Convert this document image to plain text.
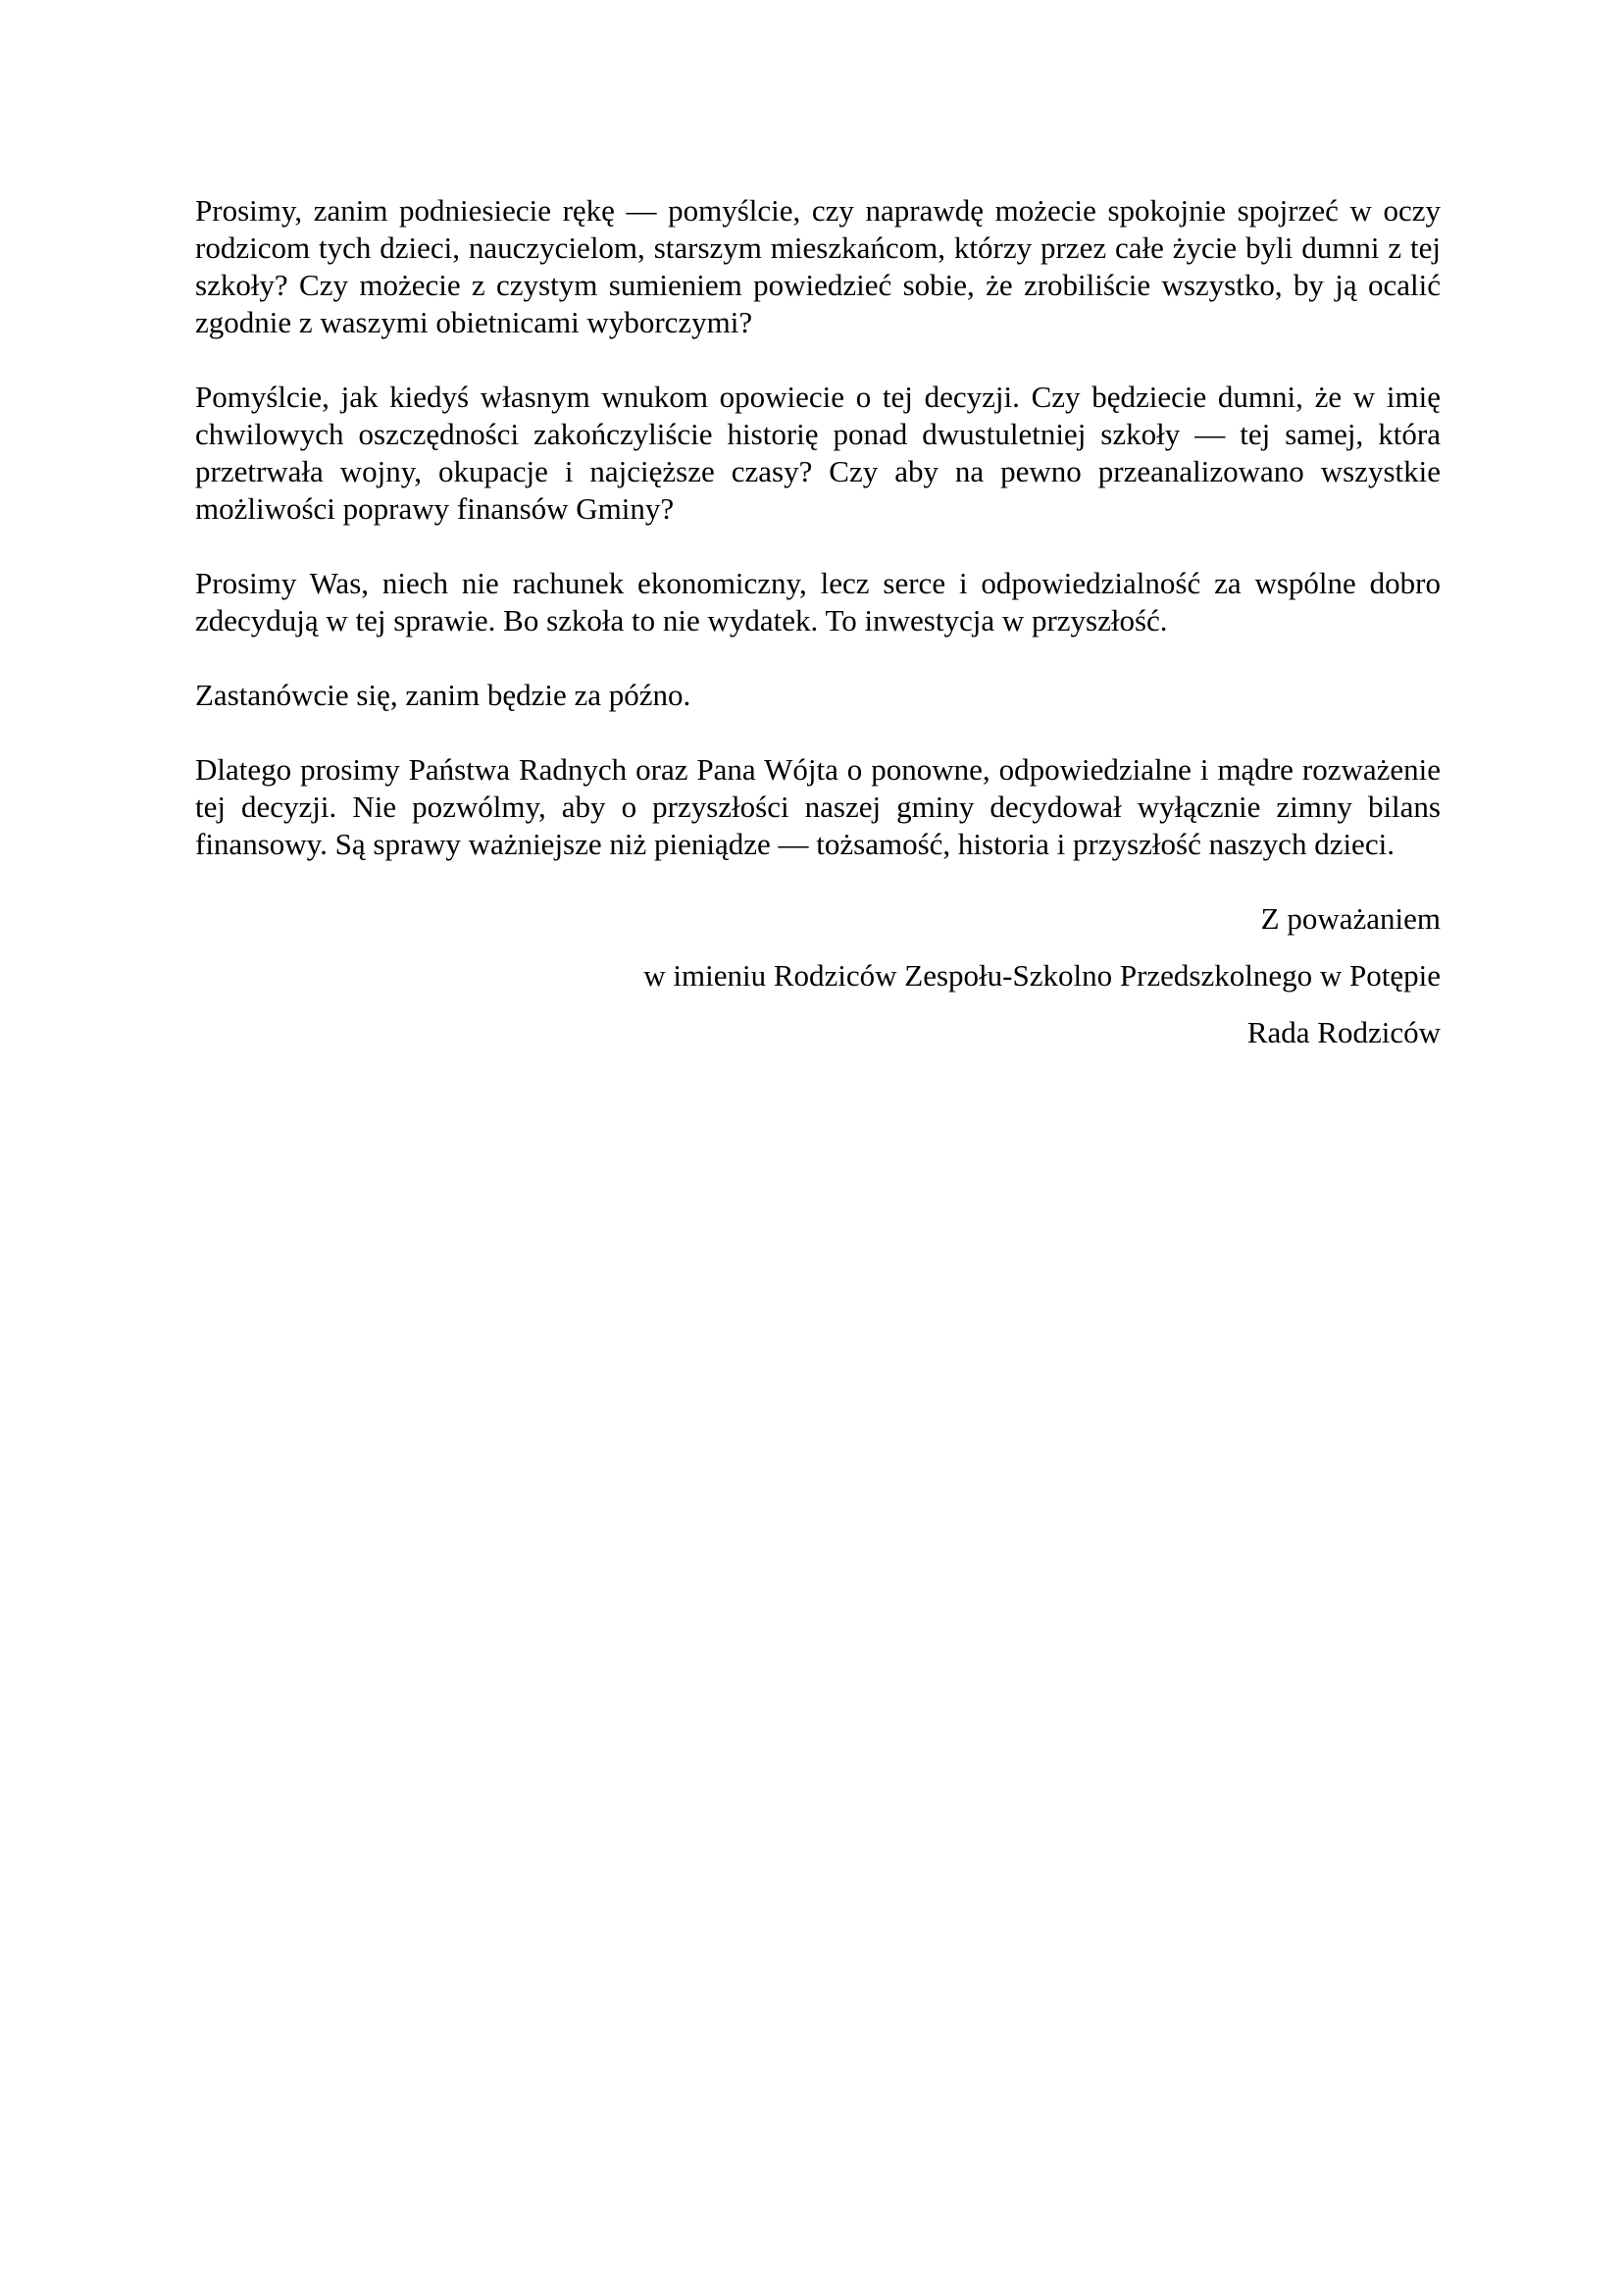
Prosimy, zanim podniesiecie rękę — pomyślcie, czy naprawdę możecie spokojnie spojrzeć w oczy rodzicom tych dzieci, nauczycielom, starszym mieszkańcom, którzy przez całe życie byli dumni z tej szkoły? Czy możecie z czystym sumieniem powiedzieć sobie, że zrobiliście wszystko, by ją ocalić zgodnie z waszymi obietnicami wyborczymi?

Pomyślcie, jak kiedyś własnym wnukom opowiecie o tej decyzji. Czy będziecie dumni, że w imię chwilowych oszczędności zakończyliście historię ponad dwustuletniej szkoły — tej samej, która przetrwała wojny, okupacje i najcięższe czasy? Czy aby na pewno przeanalizowano wszystkie możliwości poprawy finansów Gminy?

Prosimy Was, niech nie rachunek ekonomiczny, lecz serce i odpowiedzialność za wspólne dobro zdecydują w tej sprawie. Bo szkoła to nie wydatek. To inwestycja w przyszłość.

Zastanówcie się, zanim będzie za późno.

Dlatego prosimy Państwa Radnych oraz Pana Wójta o ponowne, odpowiedzialne i mądre rozważenie tej decyzji. Nie pozwólmy, aby o przyszłości naszej gminy decydował wyłącznie zimny bilans finansowy. Są sprawy ważniejsze niż pieniądze — tożsamość, historia i przyszłość naszych dzieci.

Z poważaniem

w imieniu Rodziców Zespołu-Szkolno Przedszkolnego w Potępie

Rada Rodziców
